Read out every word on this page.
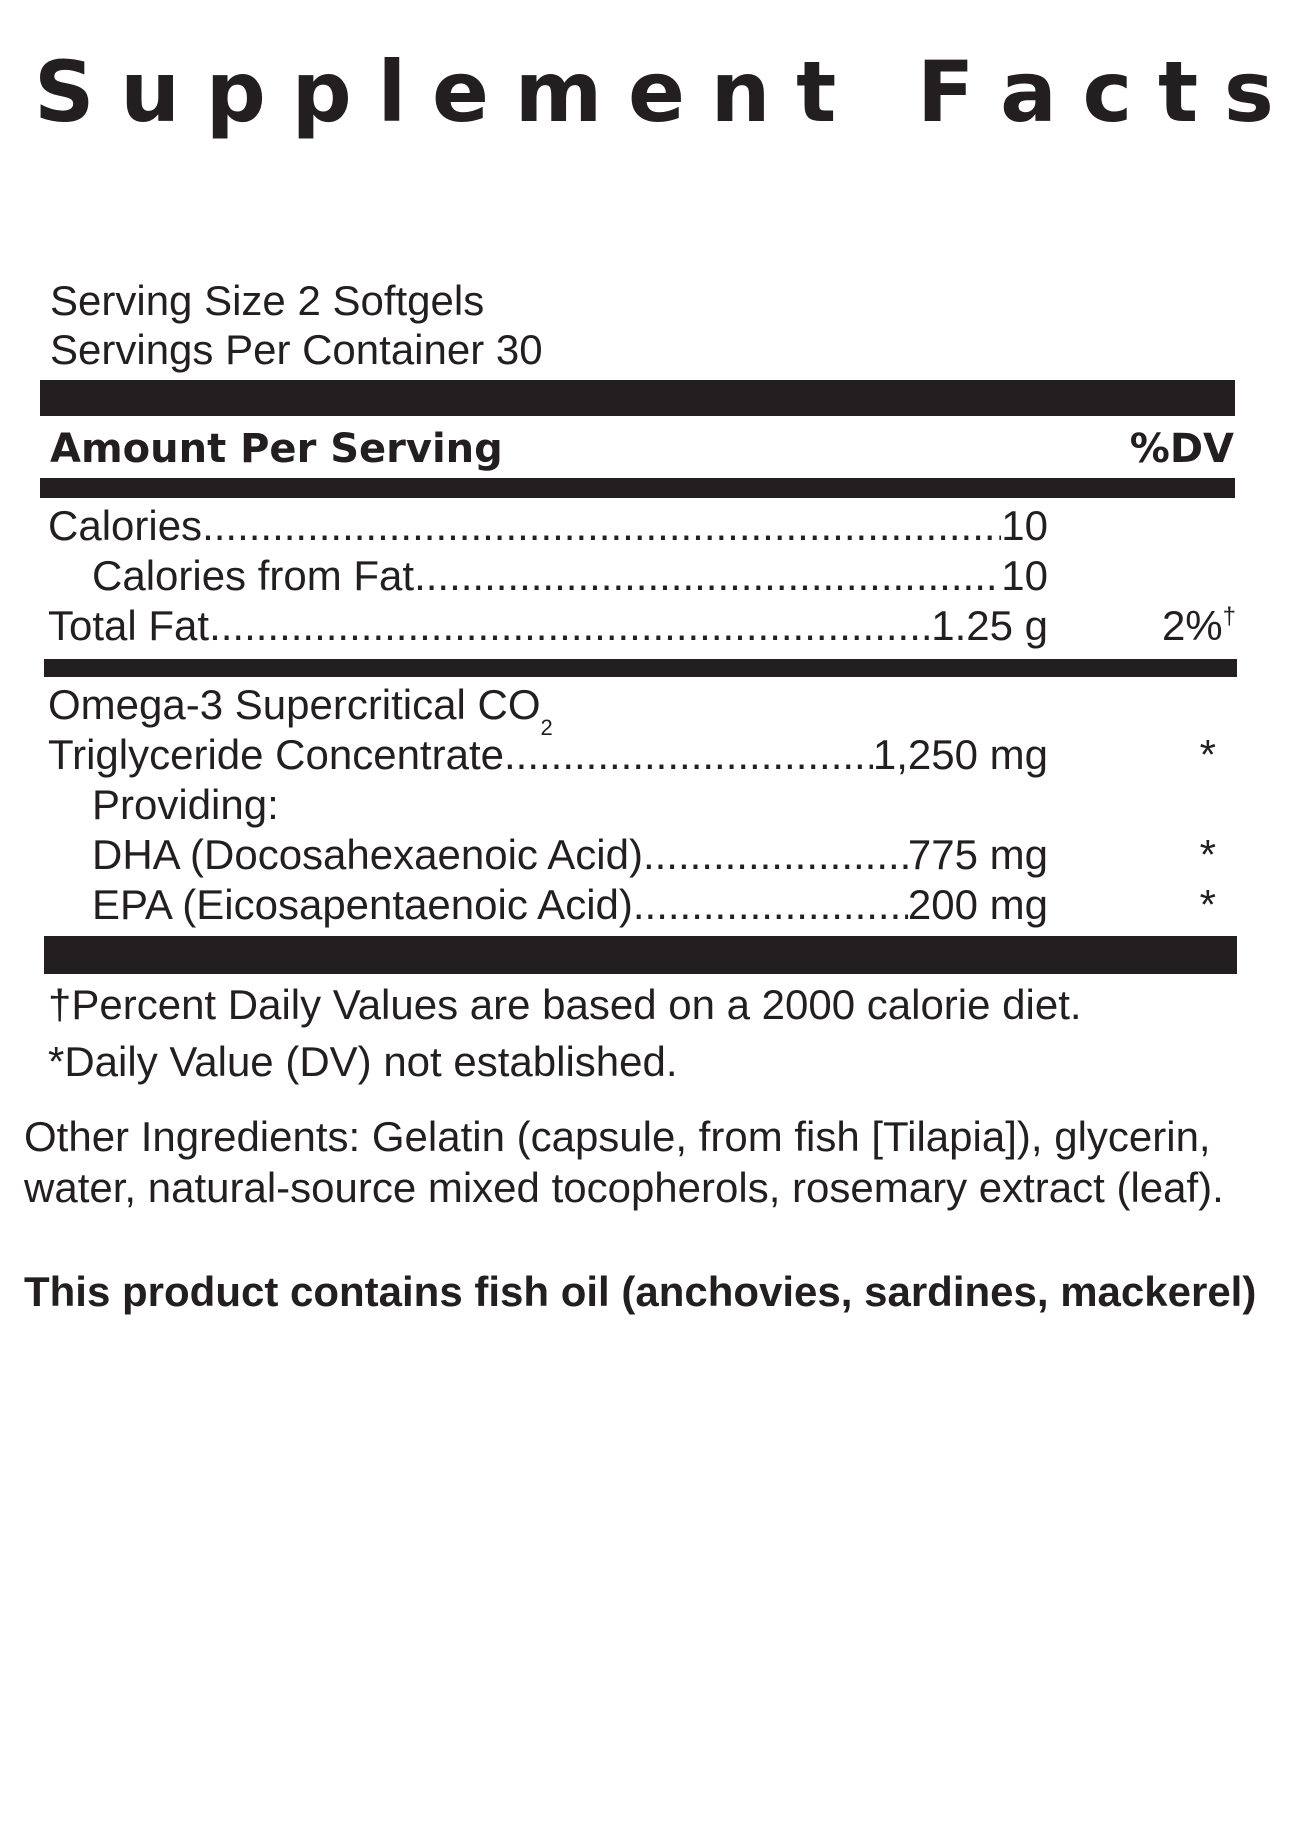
S u p p l e m e n t
F a c t s
Serving Size 2 Softgels
Servings Per Container 30
Amount Per Serving	%DV
Calories .....	10
Calories from Fat .....	10
Total Fat .....	1.25 g	2%†
Omega-3 Supercritical $CO_2$
Triglyceride Concentrate .....	1,250 mg	*
Providing:
DHA (Docosahexaenoic Acid) .....	775 mg	*
EPA (Eicosapentaenoic Acid) .....	200 mg	*
†Percent Daily Values are based on a 2000 calorie diet.
*Daily Value (DV) not established.
Other Ingredients: Gelatin (capsule, from fish [Tilapia]), glycerin,
water, natural-source mixed tocopherols, rosemary extract (leaf).
This product contains fish oil (anchovies, sardines, mackerel)
